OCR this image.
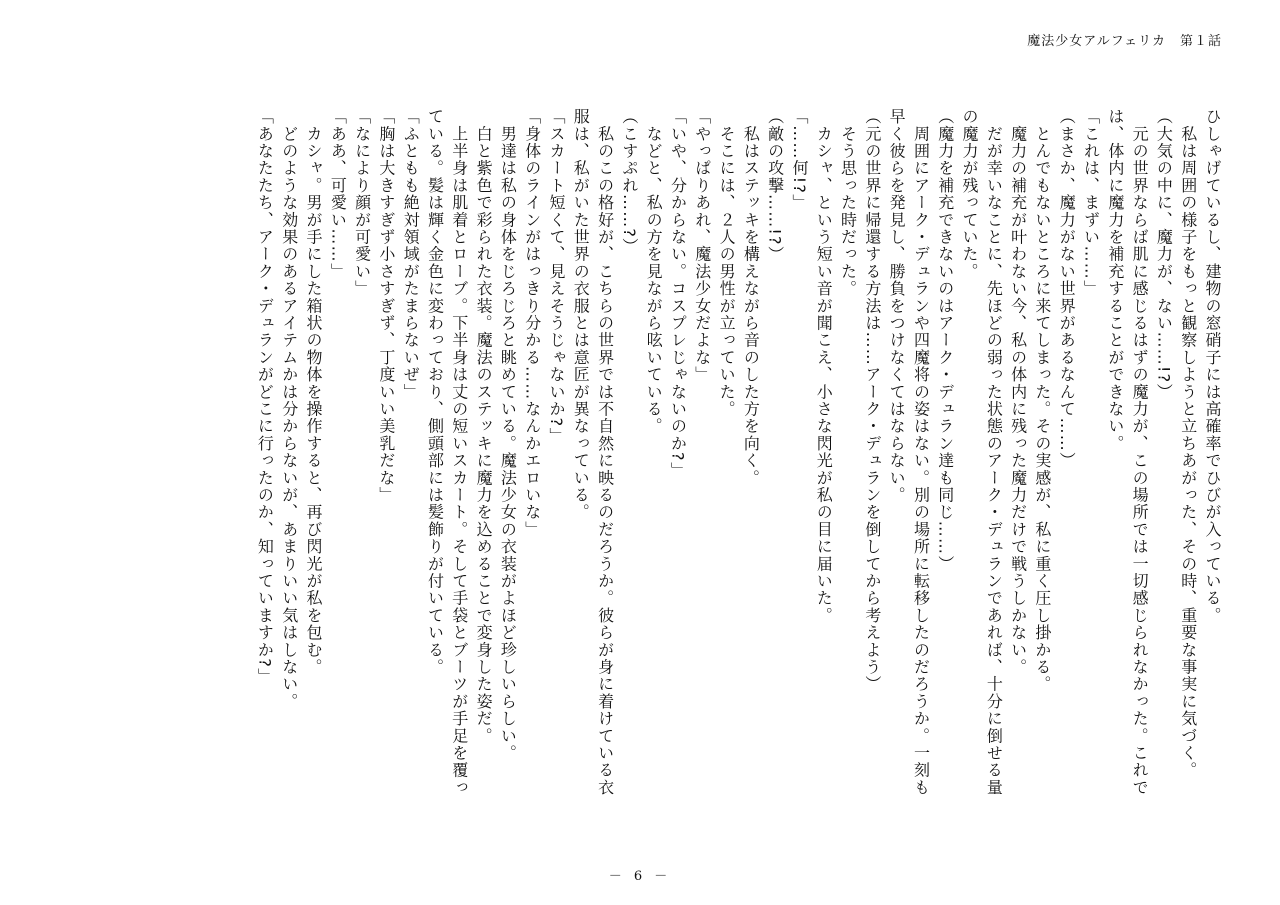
魔法少女アルフェリカ　第１話
ひしゃげているし、建物の窓硝子には高確率でひびが入っている。
　私は周囲の様子をもっと観察しようと立ちあがった、その時、重要な事実に気づく。
（大気の中に、魔力が、ない……!?）
　元の世界ならば肌に感じるはずの魔力が、この場所では一切感じられなかった。これで
は、体内に魔力を補充することができない。
「これは、まずい……」
（まさか、魔力がない世界があるなんて……）
　とんでもないところに来てしまった。その実感が、私に重く圧し掛かる。
　魔力の補充が叶わない今、私の体内に残った魔力だけで戦うしかない。
　だが幸いなことに、先ほどの弱った状態のアーク・デュランであれば、十分に倒せる量
の魔力が残っていた。
（魔力を補充できないのはアーク・デュラン達も同じ……）
　周囲にアーク・デュランや四魔将の姿はない。別の場所に転移したのだろうか。一刻も
早く彼らを発見し、勝負をつけなくてはならない。
（元の世界に帰還する方法は……アーク・デュランを倒してから考えよう）
　そう思った時だった。
　カシャ、という短い音が聞こえ、小さな閃光が私の目に届いた。
「……何!?」
（敵の攻撃……!?）
　私はステッキを構えながら音のした方を向く。
　そこには、２人の男性が立っていた。
「やっぱりあれ、魔法少女だよな」
「いや、分からない。コスプレじゃないのか?」
　などと、私の方を見ながら呟いている。
（こすぷれ……?）
　私のこの格好が、こちらの世界では不自然に映るのだろうか。彼らが身に着けている衣
服は、私がいた世界の衣服とは意匠が異なっている。
「スカート短くて、見えそうじゃないか?」
「身体のラインがはっきり分かる……なんかエロいな」
　男達は私の身体をじろじろと眺めている。魔法少女の衣装がよほど珍しいらしい。
　白と紫色で彩られた衣装。魔法のステッキに魔力を込めることで変身した姿だ。
　上半身は肌着とローブ。下半身は丈の短いスカート。そして手袋とブーツが手足を覆っ
ている。髪は輝く金色に変わっており、側頭部には髪飾りが付いている。
「ふともも絶対領域がたまらないぜ」
「胸は大きすぎず小さすぎず、丁度いい美乳だな」
「なにより顔が可愛い」
「ああ、可愛い……」
　カシャ。男が手にした箱状の物体を操作すると、再び閃光が私を包む。
　どのような効果のあるアイテムかは分からないが、あまりいい気はしない。
「あなたたち、アーク・デュランがどこに行ったのか、知っていますか?」
－ 6 －
